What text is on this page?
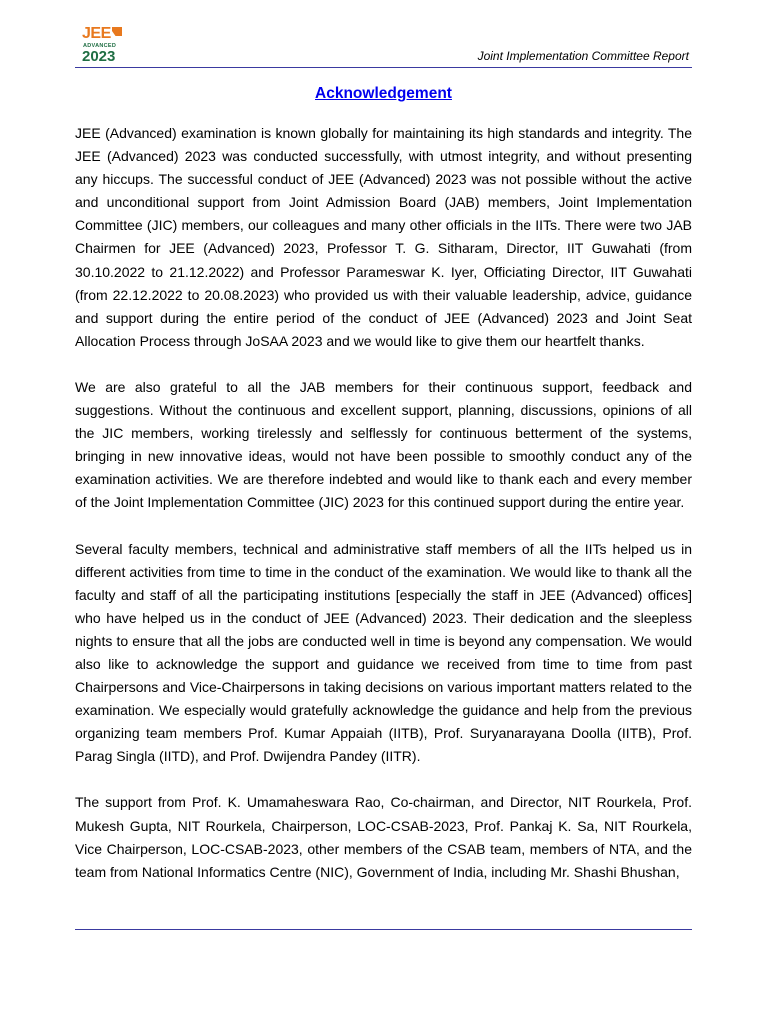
JEE
ADVANCED
2023	Joint Implementation Committee Report
Acknowledgement

JEE (Advanced) examination is known globally for maintaining its high standards and integrity. The JEE (Advanced) 2023 was conducted successfully, with utmost integrity, and without presenting any hiccups. The successful conduct of JEE (Advanced) 2023 was not possible without the active and unconditional support from Joint Admission Board (JAB) members, Joint Implementation Committee (JIC) members, our colleagues and many other officials in the IITs. There were two JAB Chairmen for JEE (Advanced) 2023, Professor T. G. Sitharam, Director, IIT Guwahati (from 30.10.2022 to 21.12.2022) and Professor Parameswar K. Iyer, Officiating Director, IIT Guwahati (from 22.12.2022 to 20.08.2023) who provided us with their valuable leadership, advice, guidance and support during the entire period of the conduct of JEE (Advanced) 2023 and Joint Seat Allocation Process through JoSAA 2023 and we would like to give them our heartfelt thanks.

We are also grateful to all the JAB members for their continuous support, feedback and suggestions. Without the continuous and excellent support, planning, discussions, opinions of all the JIC members, working tirelessly and selflessly for continuous betterment of the systems, bringing in new innovative ideas, would not have been possible to smoothly conduct any of the examination activities. We are therefore indebted and would like to thank each and every member of the Joint Implementation Committee (JIC) 2023 for this continued support during the entire year.

Several faculty members, technical and administrative staff members of all the IITs helped us in different activities from time to time in the conduct of the examination. We would like to thank all the faculty and staff of all the participating institutions [especially the staff in JEE (Advanced) offices] who have helped us in the conduct of JEE (Advanced) 2023. Their dedication and the sleepless nights to ensure that all the jobs are conducted well in time is beyond any compensation. We would also like to acknowledge the support and guidance we received from time to time from past Chairpersons and Vice-Chairpersons in taking decisions on various important matters related to the examination. We especially would gratefully acknowledge the guidance and help from the previous organizing team members Prof. Kumar Appaiah (IITB), Prof. Suryanarayana Doolla (IITB), Prof. Parag Singla (IITD), and Prof. Dwijendra Pandey (IITR).

The support from Prof. K. Umamaheswara Rao, Co-chairman, and Director, NIT Rourkela, Prof. Mukesh Gupta, NIT Rourkela, Chairperson, LOC-CSAB-2023, Prof. Pankaj K. Sa, NIT Rourkela, Vice Chairperson, LOC-CSAB-2023, other members of the CSAB team, members of NTA, and the team from National Informatics Centre (NIC), Government of India, including Mr. Shashi Bhushan,
